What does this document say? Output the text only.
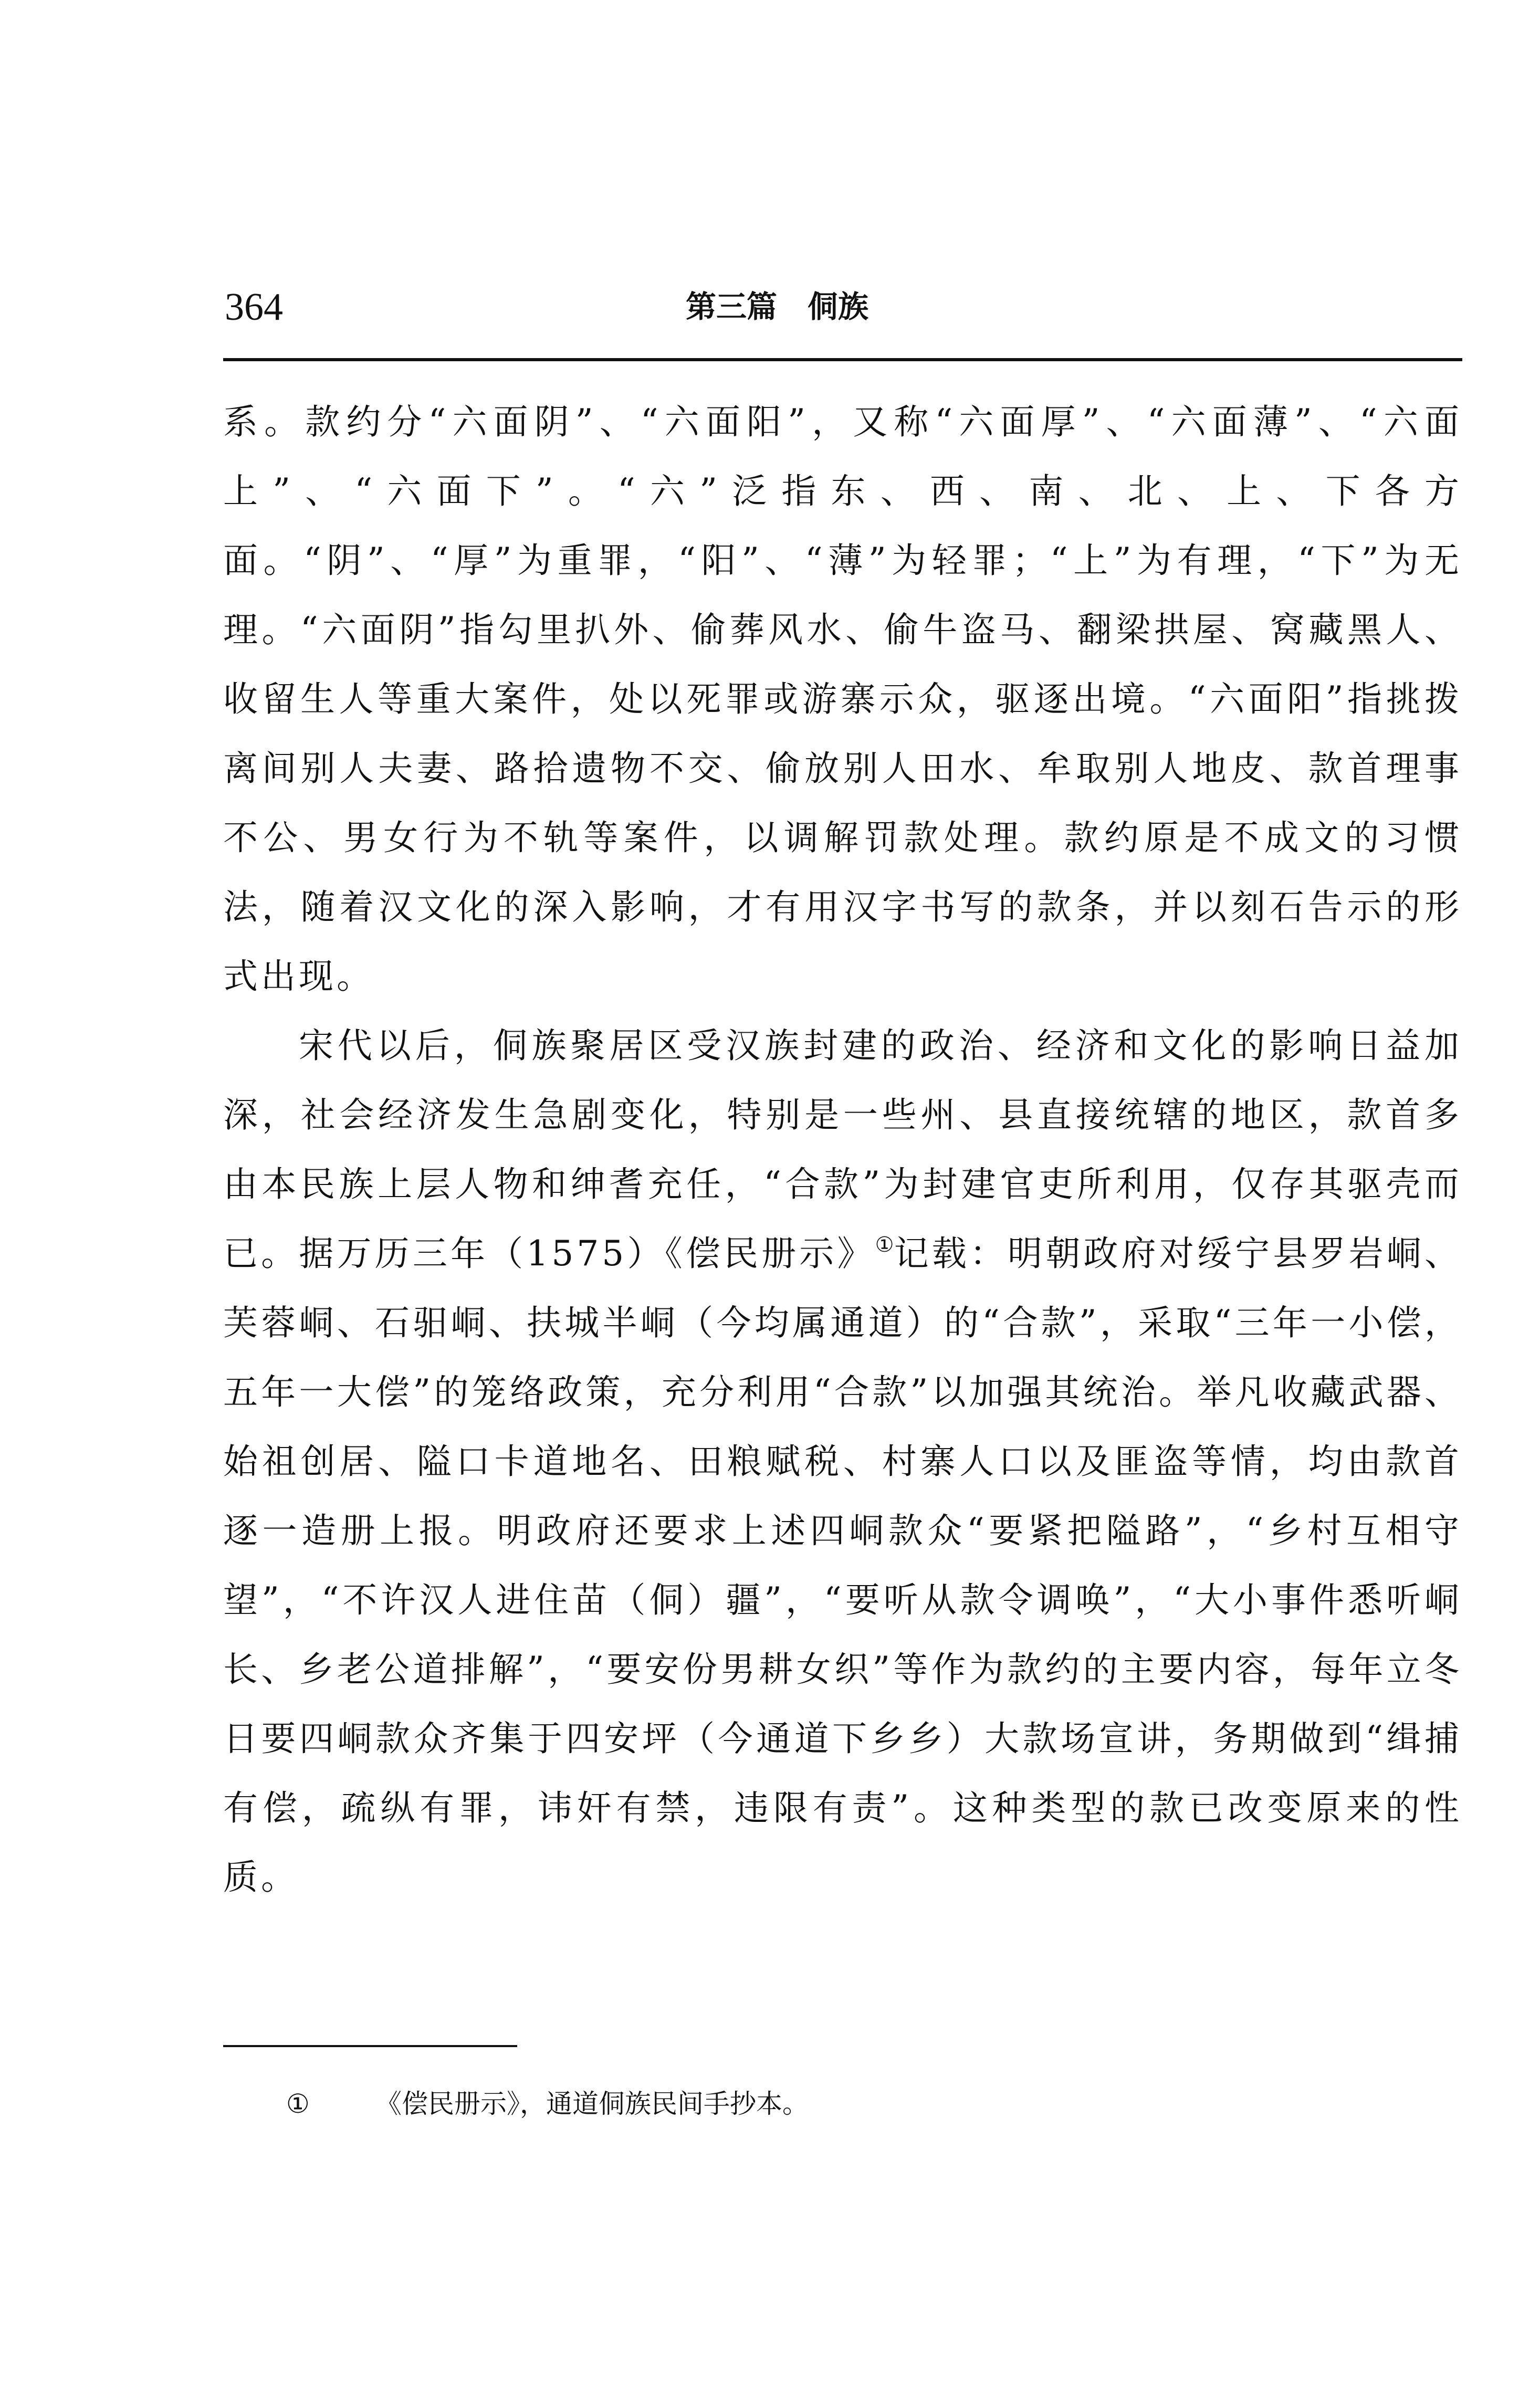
364	第三篇　侗族

系。款约分“六面阴”、“六面阳”，又称“六面厚”、“六面薄”、“六面上”、“六面下”。“六”泛指东、西、南、北、上、下各方面。“阴”、“厚”为重罪，“阳”、“薄”为轻罪；“上”为有理，“下”为无理。“六面阴”指勾里扒外、偷葬风水、偷牛盗马、翻梁拱屋、窝藏黑人、收留生人等重大案件，处以死罪或游寨示众，驱逐出境。“六面阳”指挑拨离间别人夫妻、路拾遗物不交、偷放别人田水、牟取别人地皮、款首理事不公、男女行为不轨等案件，以调解罚款处理。款约原是不成文的习惯法，随着汉文化的深入影响，才有用汉字书写的款条，并以刻石告示的形式出现。

宋代以后，侗族聚居区受汉族封建的政治、经济和文化的影响日益加深，社会经济发生急剧变化，特别是一些州、县直接统辖的地区，款首多由本民族上层人物和绅耆充任，“合款”为封建官吏所利用，仅存其驱壳而已。据万历三年（1575）《偿民册示》①记载：明朝政府对绥宁县罗岩峒、芙蓉峒、石驲峒、扶城半峒（今均属通道）的“合款”，采取“三年一小偿，五年一大偿”的笼络政策，充分利用“合款”以加强其统治。举凡收藏武器、始祖创居、隘口卡道地名、田粮赋税、村寨人口以及匪盗等情，均由款首逐一造册上报。明政府还要求上述四峒款众“要紧把隘路”，“乡村互相守望”，“不许汉人进住苗（侗）疆”，“要听从款令调唤”，“大小事件悉听峒长、乡老公道排解”，“要安份男耕女织”等作为款约的主要内容，每年立冬日要四峒款众齐集于四安坪（今通道下乡乡）大款场宣讲，务期做到“缉捕有偿，疏纵有罪，讳奸有禁，违限有责”。这种类型的款已改变原来的性质。

①	《偿民册示》，通道侗族民间手抄本。
